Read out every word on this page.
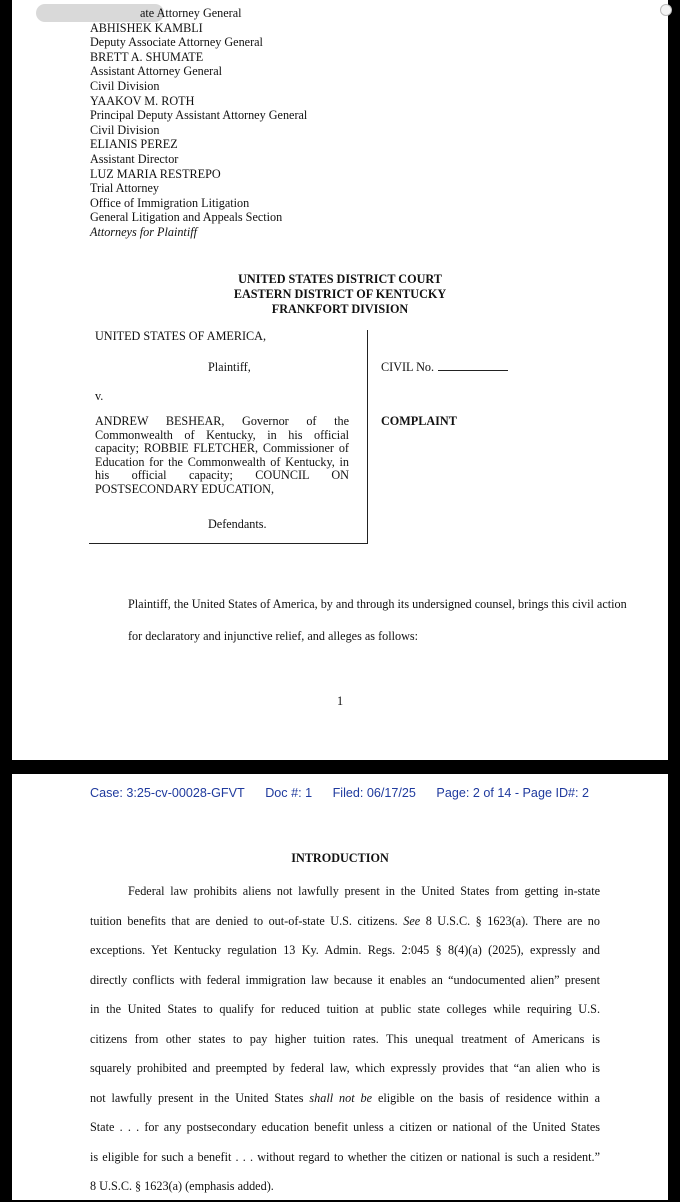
ate Attorney General
ABHISHEK KAMBLI
Deputy Associate Attorney General
BRETT A. SHUMATE
Assistant Attorney General
Civil Division
YAAKOV M. ROTH
Principal Deputy Assistant Attorney General
Civil Division
ELIANIS PEREZ
Assistant Director
LUZ MARIA RESTREPO
Trial Attorney
Office of Immigration Litigation
General Litigation and Appeals Section
Attorneys for Plaintiff
UNITED STATES DISTRICT COURT
EASTERN DISTRICT OF KENTUCKY
FRANKFORT DIVISION
UNITED STATES OF AMERICA,
Plaintiff,
v.
ANDREW BESHEAR, Governor of the Commonwealth of Kentucky, in his official capacity; ROBBIE FLETCHER, Commissioner of Education for the Commonwealth of Kentucky, in his official capacity; COUNCIL ON POSTSECONDARY EDUCATION,
Defendants.
CIVIL No.
COMPLAINT
Plaintiff, the United States of America, by and through its undersigned counsel, brings this civil action for declaratory and injunctive relief, and alleges as follows:
1
Case: 3:25-cv-00028-GFVT Doc #: 1 Filed: 06/17/25 Page: 2 of 14 - Page ID#: 2
INTRODUCTION
Federal law prohibits aliens not lawfully present in the United States from getting in-state
tuition benefits that are denied to out-of-state U.S. citizens. See 8 U.S.C. § 1623(a). There are no
exceptions. Yet Kentucky regulation 13 Ky. Admin. Regs. 2:045 § 8(4)(a) (2025), expressly and
directly conflicts with federal immigration law because it enables an “undocumented alien” present
in the United States to qualify for reduced tuition at public state colleges while requiring U.S.
citizens from other states to pay higher tuition rates. This unequal treatment of Americans is
squarely prohibited and preempted by federal law, which expressly provides that “an alien who is
not lawfully present in the United States shall not be eligible on the basis of residence within a
State . . . for any postsecondary education benefit unless a citizen or national of the United States
is eligible for such a benefit . . . without regard to whether the citizen or national is such a resident.”
8 U.S.C. § 1623(a) (emphasis added).
